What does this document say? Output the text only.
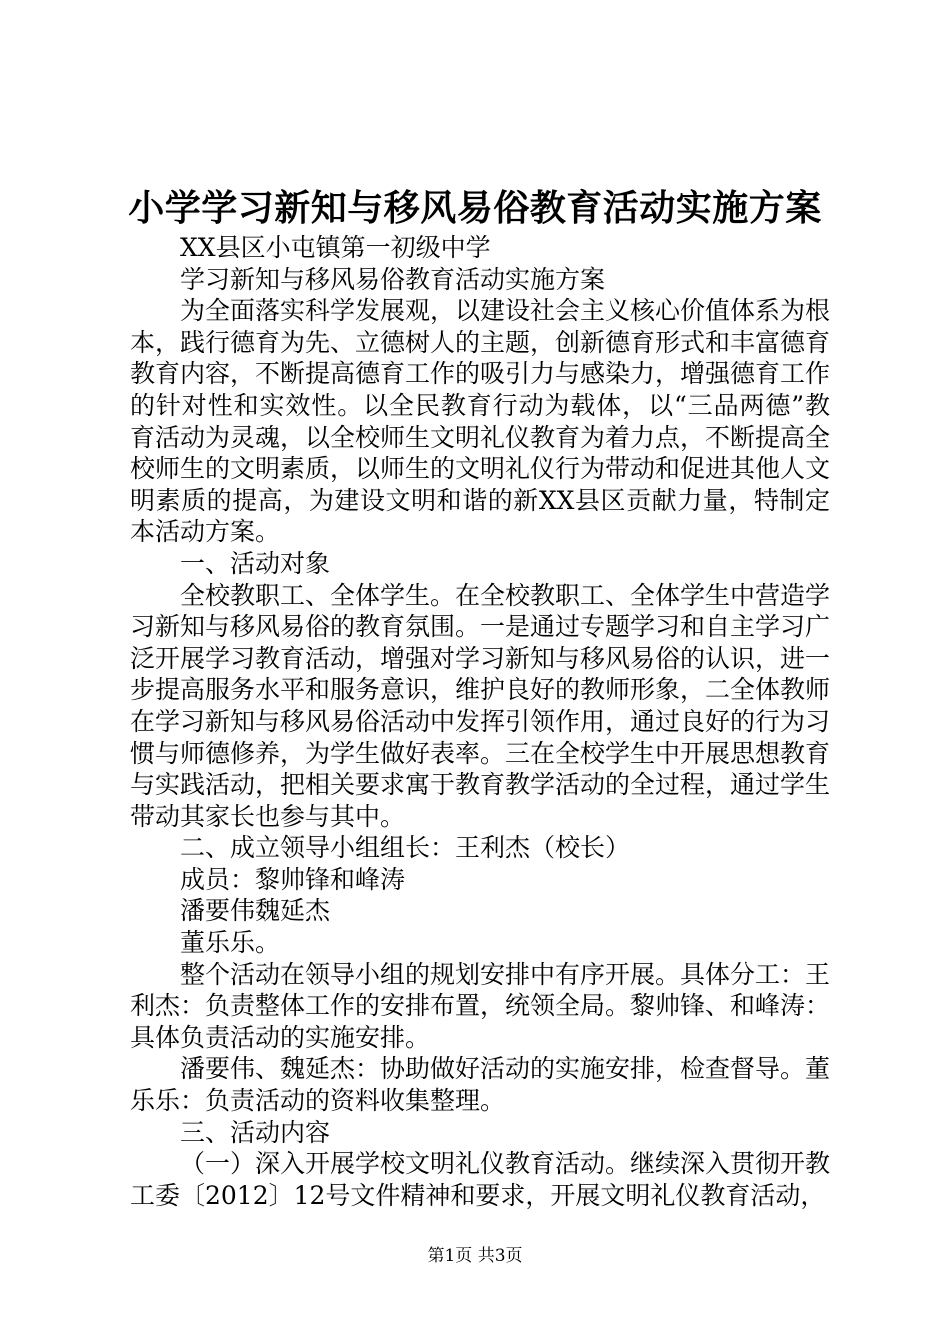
小学学习新知与移风易俗教育活动实施方案

XX县区小屯镇第一初级中学

学习新知与移风易俗教育活动实施方案

为全面落实科学发展观，以建设社会主义核心价值体系为根本，践行德育为先、立德树人的主题，创新德育形式和丰富德育教育内容，不断提高德育工作的吸引力与感染力，增强德育工作的针对性和实效性。以全民教育行动为载体，以“三品两德”教育活动为灵魂，以全校师生文明礼仪教育为着力点，不断提高全校师生的文明素质，以师生的文明礼仪行为带动和促进其他人文明素质的提高，为建设文明和谐的新XX县区贡献力量，特制定本活动方案。

一、活动对象

全校教职工、全体学生。在全校教职工、全体学生中营造学习新知与移风易俗的教育氛围。一是通过专题学习和自主学习广泛开展学习教育活动，增强对学习新知与移风易俗的认识，进一步提高服务水平和服务意识，维护良好的教师形象，二全体教师在学习新知与移风易俗活动中发挥引领作用，通过良好的行为习惯与师德修养，为学生做好表率。三在全校学生中开展思想教育与实践活动，把相关要求寓于教育教学活动的全过程，通过学生带动其家长也参与其中。

二、成立领导小组组长：王利杰（校长）

成员：黎帅锋和峰涛

潘要伟魏延杰

董乐乐。

整个活动在领导小组的规划安排中有序开展。具体分工：王利杰：负责整体工作的安排布置，统领全局。黎帅锋、和峰涛：具体负责活动的实施安排。

潘要伟、魏延杰：协助做好活动的实施安排，检查督导。董乐乐：负责活动的资料收集整理。

三、活动内容

（一）深入开展学校文明礼仪教育活动。继续深入贯彻开教工委〔2012〕12号文件精神和要求，开展文明礼仪教育活动，

第1页 共3页
